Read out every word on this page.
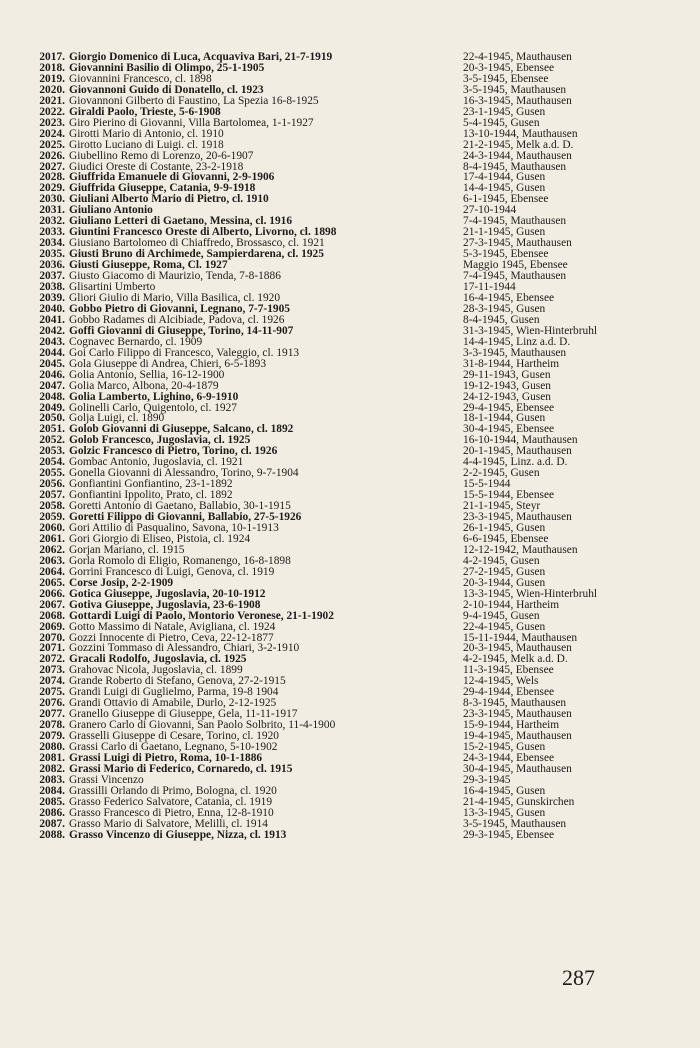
2017. Giorgio Domenico di Luca, Acquaviva Bari, 21-7-1919	22-4-1945, Mauthausen
2018. Giovannini Basilio di Olimpo, 25-1-1905	20-3-1945, Ebensee
2019. Giovannini Francesco, cl. 1898	3-5-1945, Ebensee
2020. Giovannoni Guido di Donatello, cl. 1923	3-5-1945, Mauthausen
2021. Giovannoni Gilberto di Faustino, La Spezia 16-8-1925	16-3-1945, Mauthausen
2022. Giraldi Paolo, Trieste, 5-6-1908	23-1-1945, Gusen
2023. Giro Pierino di Giovanni, Villa Bartolomea, 1-1-1927	5-4-1945, Gusen
2024. Girotti Mario di Antonio, cl. 1910	13-10-1944, Mauthausen
2025. Girotto Luciano di Luigi. cl. 1918	21-2-1945, Melk a.d. D.
2026. Giubellino Remo di Lorenzo, 20-6-1907	24-3-1944, Mauthausen
2027. Giudici Oreste di Costante, 23-2-1918	8-4-1945, Mauthausen
2028. Giuffrida Emanuele di Giovanni, 2-9-1906	17-4-1944, Gusen
2029. Giuffrida Giuseppe, Catania, 9-9-1918	14-4-1945, Gusen
2030. Giuliani Alberto Mario di Pietro, cl. 1910	6-1-1945, Ebensee
2031. Giuliano Antonio	27-10-1944
2032. Giuliano Letteri di Gaetano, Messina, cl. 1916	7-4-1945, Mauthausen
2033. Giuntini Francesco Oreste di Alberto, Livorno, cl. 1898	21-1-1945, Gusen
2034. Giusiano Bartolomeo di Chiaffredo, Brossasco, cl. 1921	27-3-1945, Mauthausen
2035. Giusti Bruno di Archimede, Sampierdarena, cl. 1925	5-3-1945, Ebensee
2036. Giusti Giuseppe, Roma, Cl. 1927	Maggio 1945, Ebensee
2037. Giusto Giacomo di Maurizio, Tenda, 7-8-1886	7-4-1945, Mauthausen
2038. Glisartini Umberto	17-11-1944
2039. Gliori Giulio di Mario, Villa Basilica, cl. 1920	16-4-1945, Ebensee
2040. Gobbo Pietro di Giovanni, Legnano, 7-7-1905	28-3-1945, Gusen
2041. Gobbo Radames di Alcibiade, Padova, cl. 1926	8-4-1945, Gusen
2042. Goffi Giovanni di Giuseppe, Torino, 14-11-907	31-3-1945, Wien-Hinterbruhl
2043. Cognavec Bernardo, cl. 1909	14-4-1945, Linz a.d. D.
2044. Goi Carlo Filippo di Francesco, Valeggio, cl. 1913	3-3-1945, Mauthausen
2045. Gola Giuseppe di Andrea, Chieri, 6-5-1893	31-8-1944, Hartheim
2046. Golia Antonio, Sellia, 16-12-1900	29-11-1943, Gusen
2047. Golia Marco, Albona, 20-4-1879	19-12-1943, Gusen
2048. Golia Lamberto, Lighino, 6-9-1910	24-12-1943, Gusen
2049. Golinelli Carlo, Quigentolo, cl. 1927	29-4-1945, Ebensee
2050. Golja Luigi, cl. 1890	18-1-1944, Gusen
2051. Golob Giovanni di Giuseppe, Salcano, cl. 1892	30-4-1945, Ebensee
2052. Golob Francesco, Jugoslavia, cl. 1925	16-10-1944, Mauthausen
2053. Golzic Francesco di Pietro, Torino, cl. 1926	20-1-1945, Mauthausen
2054. Gombac Antonio, Jugoslavia, cl. 1921	4-4-1945, Linz. a.d. D.
2055. Gonella Giovanni di Alessandro, Torino, 9-7-1904	2-2-1945, Gusen
2056. Gonfiantini Gonfiantino, 23-1-1892	15-5-1944
2057. Gonfiantini Ippolito, Prato, cl. 1892	15-5-1944, Ebensee
2058. Goretti Antonio di Gaetano, Ballabio, 30-1-1915	21-1-1945, Steyr
2059. Goretti Filippo di Giovanni, Ballabio, 27-5-1926	23-3-1945, Mauthausen
2060. Gori Attilio di Pasqualino, Savona, 10-1-1913	26-1-1945, Gusen
2061. Gori Giorgio di Eliseo, Pistoia, cl. 1924	6-6-1945, Ebensee
2062. Gorjan Mariano, cl. 1915	12-12-1942, Mauthausen
2063. Gorla Romolo di Eligio, Romanengo, 16-8-1898	4-2-1945, Gusen
2064. Gorrini Francesco di Luigi, Genova, cl. 1919	27-2-1945, Gusen
2065. Corse Josip, 2-2-1909	20-3-1944, Gusen
2066. Gotica Giuseppe, Jugoslavia, 20-10-1912	13-3-1945, Wien-Hinterbruhl
2067. Gotiva Giuseppe, Jugoslavia, 23-6-1908	2-10-1944, Hartheim
2068. Gottardi Luigi di Paolo, Montorio Veronese, 21-1-1902	9-4-1945, Gusen
2069. Gotto Massimo di Natale, Avigliana, cl. 1924	22-4-1945, Gusen
2070. Gozzi Innocente di Pietro, Ceva, 22-12-1877	15-11-1944, Mauthausen
2071. Gozzini Tommaso di Alessandro, Chiari, 3-2-1910	20-3-1945, Mauthausen
2072. Gracali Rodolfo, Jugoslavia, cl. 1925	4-2-1945, Melk a.d. D.
2073. Grahovac Nicola, Jugoslavia, cl. 1899	11-3-1945, Ebensee
2074. Grande Roberto di Stefano, Genova, 27-2-1915	12-4-1945, Wels
2075. Grandi Luigi di Guglielmo, Parma, 19-8 1904	29-4-1944, Ebensee
2076. Grandi Ottavio di Amabile, Durlo, 2-12-1925	8-3-1945, Mauthausen
2077. Granello Giuseppe di Giuseppe, Gela, 11-11-1917	23-3-1945, Mauthausen
2078. Granero Carlo di Giovanni, San Paolo Solbrito, 11-4-1900	15-9-1944, Hartheim
2079. Grasselli Giuseppe di Cesare, Torino, cl. 1920	19-4-1945, Mauthausen
2080. Grassi Carlo di Gaetano, Legnano, 5-10-1902	15-2-1945, Gusen
2081. Grassi Luigi di Pietro, Roma, 10-1-1886	24-3-1944, Ebensee
2082. Grassi Mario di Federico, Cornaredo, cl. 1915	30-4-1945, Mauthausen
2083. Grassi Vincenzo	29-3-1945
2084. Grassilli Orlando di Primo, Bologna, cl. 1920	16-4-1945, Gusen
2085. Grasso Federico Salvatore, Catania, cl. 1919	21-4-1945, Gunskirchen
2086. Grasso Francesco di Pietro, Enna, 12-8-1910	13-3-1945, Gusen
2087. Grasso Mario di Salvatore, Melilli, cl. 1914	3-5-1945, Mauthausen
2088. Grasso Vincenzo di Giuseppe, Nizza, cl. 1913	29-3-1945, Ebensee
287
